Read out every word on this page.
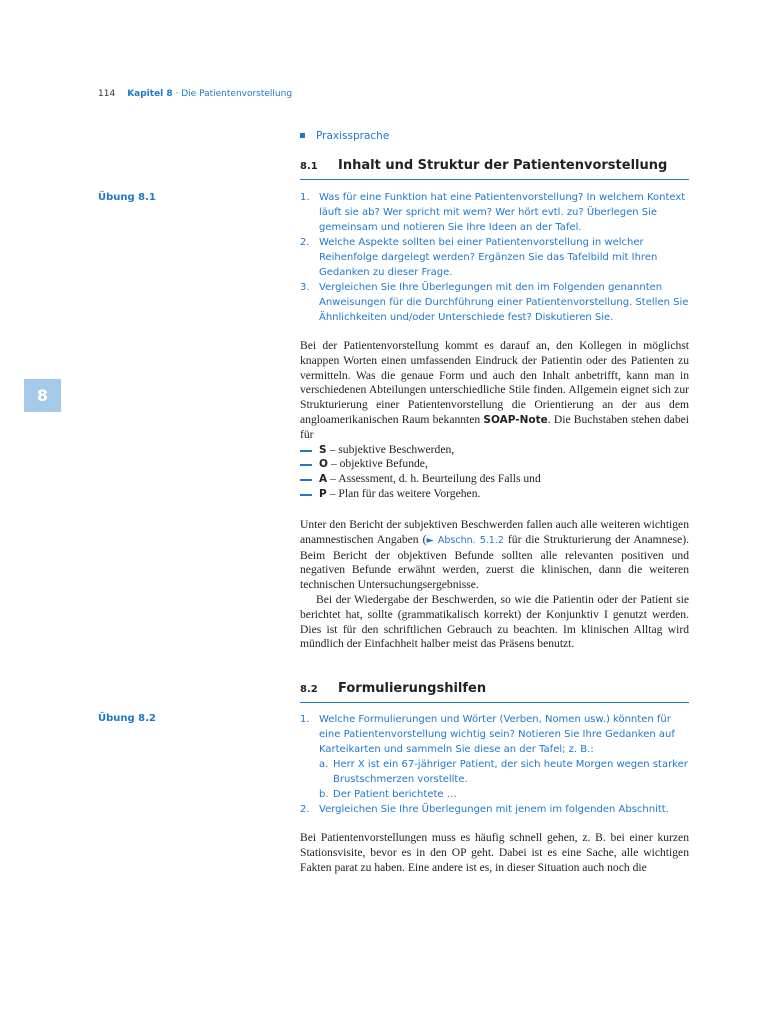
114 Kapitel 8 · Die Patientenvorstellung
8
Praxissprache
8.1 Inhalt und Struktur der Patientenvorstellung
Übung 8.1	1. Was für eine Funktion hat eine Patientenvorstellung? In welchem Kontext läuft sie ab? Wer spricht mit wem? Wer hört evtl. zu? Überlegen Sie gemeinsam und notieren Sie Ihre Ideen an der Tafel.
2. Welche Aspekte sollten bei einer Patientenvorstellung in welcher Reihenfolge dargelegt werden? Ergänzen Sie das Tafelbild mit Ihren Gedanken zu dieser Frage.
3. Vergleichen Sie Ihre Überlegungen mit den im Folgenden genannten Anweisungen für die Durchführung einer Patientenvorstellung. Stellen Sie Ähnlichkeiten und/oder Unterschiede fest? Diskutieren Sie.

Bei der Patientenvorstellung kommt es darauf an, den Kollegen in möglichst knappen Worten einen umfassenden Eindruck der Patientin oder des Patienten zu vermitteln. Was die genaue Form und auch den Inhalt anbetrifft, kann man in verschiedenen Abteilungen unterschiedliche Stile finden. Allgemein eignet sich zur Strukturierung einer Patientenvorstellung die Orientierung an der aus dem angloamerikanischen Raum bekannten SOAP-Note. Die Buchstaben stehen dabei für

S – subjektive Beschwerden,
O – objektive Befunde,
A – Assessment, d. h. Beurteilung des Falls und
P – Plan für das weitere Vorgehen.

Unter den Bericht der subjektiven Beschwerden fallen auch alle weiteren wichtigen anamnestischen Angaben (► Abschn. 5.1.2 für die Strukturierung der Anamnese). Beim Bericht der objektiven Befunde sollten alle relevanten positiven und negativen Befunde erwähnt werden, zuerst die klinischen, dann die weiteren technischen Untersuchungsergebnisse.

Bei der Wiedergabe der Beschwerden, so wie die Patientin oder der Patient sie berichtet hat, sollte (grammatikalisch korrekt) der Konjunktiv I genutzt werden. Dies ist für den schriftlichen Gebrauch zu beachten. Im klinischen Alltag wird mündlich der Einfachheit halber meist das Präsens benutzt.

8.2 Formulierungshilfen
Übung 8.2	1. Welche Formulierungen und Wörter (Verben, Nomen usw.) könnten für eine Patientenvorstellung wichtig sein? Notieren Sie Ihre Gedanken auf Karteikarten und sammeln Sie diese an der Tafel; z. B.:
a. Herr X ist ein 67-jähriger Patient, der sich heute Morgen wegen starker Brustschmerzen vorstellte.
b. Der Patient berichtete …
2. Vergleichen Sie Ihre Überlegungen mit jenem im folgenden Abschnitt.

Bei Patientenvorstellungen muss es häufig schnell gehen, z. B. bei einer kurzen Stationsvisite, bevor es in den OP geht. Dabei ist es eine Sache, alle wichtigen Fakten parat zu haben. Eine andere ist es, in dieser Situation auch noch die
